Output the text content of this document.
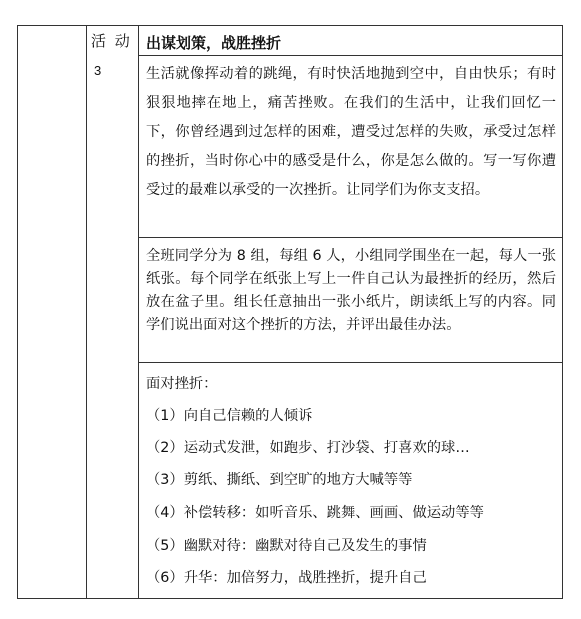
活 动
3
出谋划策，战胜挫折
生活就像挥动着的跳绳，有时快活地抛到空中，自由快乐；有时狠狠地摔在地上，痛苦挫败。在我们的生活中，让我们回忆一下，你曾经遇到过怎样的困难，遭受过怎样的失败，承受过怎样的挫折，当时你心中的感受是什么，你是怎么做的。写一写你遭受过的最难以承受的一次挫折。让同学们为你支支招。
全班同学分为 8 组，每组 6 人，小组同学围坐在一起，每人一张纸张。每个同学在纸张上写上一件自己认为最挫折的经历，然后放在盆子里。组长任意抽出一张小纸片，朗读纸上写的内容。同学们说出面对这个挫折的方法，并评出最佳办法。
面对挫折：
（1）向自己信赖的人倾诉
（2）运动式发泄，如跑步、打沙袋、打喜欢的球…
（3）剪纸、撕纸、到空旷的地方大喊等等
（4）补偿转移：如听音乐、跳舞、画画、做运动等等
（5）幽默对待：幽默对待自己及发生的事情
（6）升华：加倍努力，战胜挫折，提升自己
